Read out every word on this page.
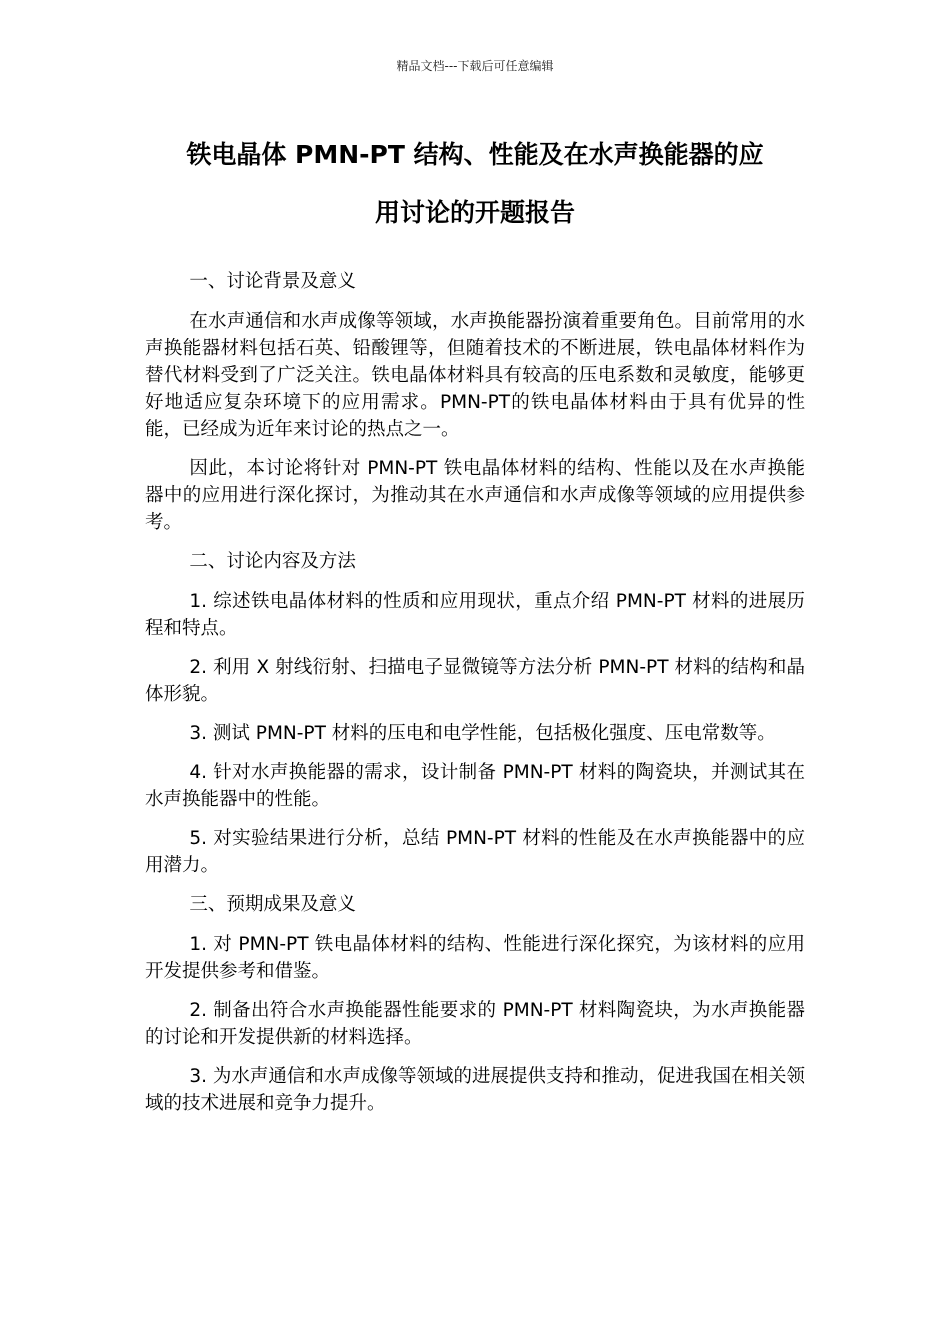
精品文档---下载后可任意编辑
铁电晶体 PMN-PT 结构、性能及在水声换能器的应
用讨论的开题报告

一、讨论背景及意义

在水声通信和水声成像等领域，水声换能器扮演着重要角色。目前常用的水声换能器材料包括石英、铅酸锂等，但随着技术的不断进展，铁电晶体材料作为替代材料受到了广泛关注。铁电晶体材料具有较高的压电系数和灵敏度，能够更好地适应复杂环境下的应用需求。PMN-PT的铁电晶体材料由于具有优异的性能，已经成为近年来讨论的热点之一。

因此，本讨论将针对 PMN-PT 铁电晶体材料的结构、性能以及在水声换能器中的应用进行深化探讨，为推动其在水声通信和水声成像等领域的应用提供参考。

二、讨论内容及方法

1. 综述铁电晶体材料的性质和应用现状，重点介绍 PMN-PT 材料的进展历程和特点。

2. 利用 X 射线衍射、扫描电子显微镜等方法分析 PMN-PT 材料的结构和晶体形貌。

3. 测试 PMN-PT 材料的压电和电学性能，包括极化强度、压电常数等。

4. 针对水声换能器的需求，设计制备 PMN-PT 材料的陶瓷块，并测试其在水声换能器中的性能。

5. 对实验结果进行分析，总结 PMN-PT 材料的性能及在水声换能器中的应用潜力。

三、预期成果及意义

1. 对 PMN-PT 铁电晶体材料的结构、性能进行深化探究，为该材料的应用开发提供参考和借鉴。

2. 制备出符合水声换能器性能要求的 PMN-PT 材料陶瓷块，为水声换能器的讨论和开发提供新的材料选择。

3. 为水声通信和水声成像等领域的进展提供支持和推动，促进我国在相关领域的技术进展和竞争力提升。
